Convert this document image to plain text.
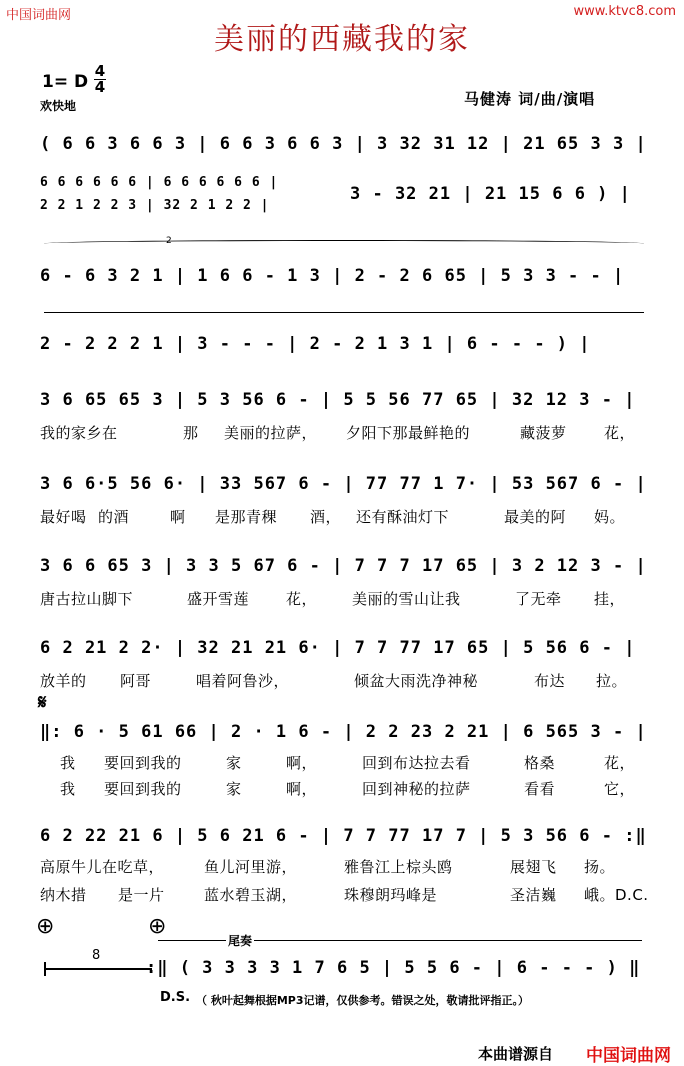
中国词曲网	www.ktvc8.com
美丽的西藏我的家
1= D
4
4
欢快地	马健涛 词/曲/演唱
( 6 6 3 6 6 3 | 6 6 3 6 6 3 | 3 32 31 12 | 21 65 3 3 |
6 6 6 6 6 6 | 6 6 6 6 6 6 |
2 2 1 2 2 3 | 32 2 1 2 2 |
3 - 32 21 | 21 15 6 6 ) |
2
6 - 6 3 2 1 | 1 6 6 - 1 3 | 2 - 2 6 65 | 5 3 3 - - |
2 - 2 2 2 1 | 3 - - - | 2 - 2 1 3 1 | 6 - - - ) |
3 6 65 65 3 | 5 3 56 6 - | 5 5 56 77 65 | 32 12 3 - |
我的家乡在	那 美丽的拉萨， 夕阳下那最鲜艳的	藏菠萝 花，
3 6 6·5 56 6· | 33 567 6 - | 77 77 1 7· | 53 567 6 - |
最好喝 的酒	啊 是那青稞 酒， 还有酥油灯下	最美的阿 妈。
3 6 6 65 3 | 3 3 5 67 6 - | 7 7 7 17 65 | 3 2 12 3 - |
唐古拉山脚下	盛开雪莲 花， 美丽的雪山让我	了无牵 挂，
6 2 21 2 2· | 32 21 21 6· | 7 7 77 17 65 | 5 56 6 - |
放羊的 阿哥	唱着阿鲁沙，	倾盆大雨洗净神秘	布达 拉。
𝄋
‖: 6 · 5 61 66 | 2 · 1 6 - | 2 2 23 2 21 | 6 565 3 - |
我 要回到我的	家	啊，	回到布达拉去看	格桑	花，
我 要回到我的	家	啊，	回到神秘的拉萨	看看	它，
6 2 22 21 6 | 5 6 21 6 - | 7 7 77 17 7 | 5 3 56 6 - :‖
高原牛儿在吃草，	鱼儿河里游，	雅鲁江上棕头鸥	展翅飞 扬。
纳木措 是一片	蓝水碧玉湖，	珠穆朗玛峰是	圣洁巍 峨。D.C.
⊕	⊕
尾奏
8
:‖ ( 3 3 3 3 1 7 6 5 | 5 5 6 - | 6 - - - ) ‖
D.S. （ 秋叶起舞根据MP3记谱，仅供参考。错误之处，敬请批评指正。）
本曲谱源自 中国词曲网
